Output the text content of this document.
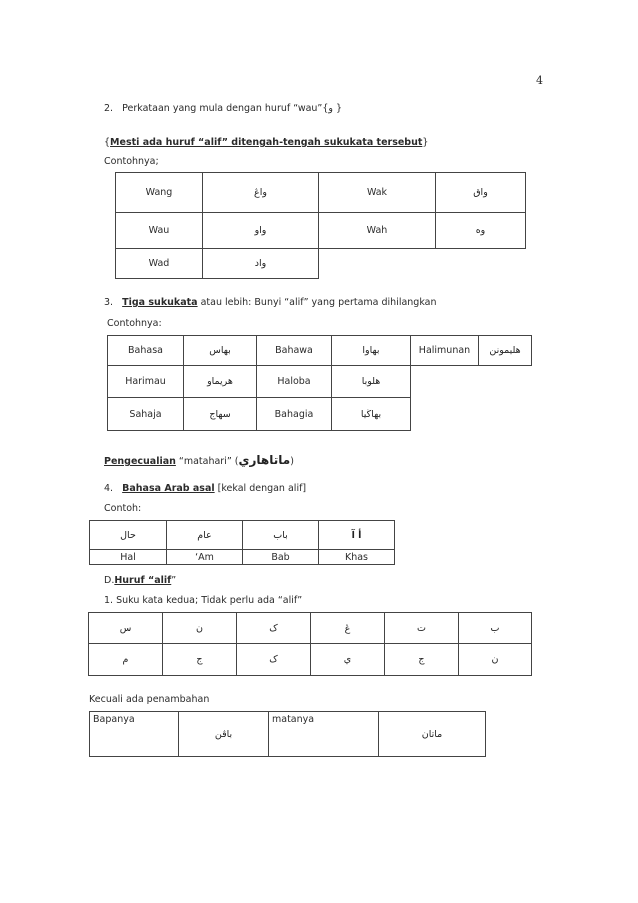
4
2. Perkataan yang mula dengan huruf “wau”{و }
{Mesti ada huruf “alif” ditengah-tengah sukukata tersebut}
Contohnya;
Wang	واڠ	Wak	واق
Wau	واو	Wah	وه
Wad	واد		
3. Tiga sukukata atau lebih: Bunyi “alif” yang pertama dihilangkan
Contohnya:
Bahasa	بهاس	Bahawa	بهاوا	Halimunan	هليمونن
Harimau	هريماو	Haloba	هلوبا		
Sahaja	سهاج	Bahagia	بهاڬيا		
Pengecualian “matahari” (ماتاهاري)
4. Bahasa Arab asal [kekal dengan alif]
Contoh:
حال	عام	باب	أ آ
Hal	‘Am	Bab	Khas
D.Huruf “alif”
1. Suku kata kedua; Tidak perlu ada “alif”
س	ن	ک	ڠ	ت	ب
م	ج	ک	ي	ج	ن
Kecuali ada penambahan
Bapanya	باڤن	matanya	ماتان
